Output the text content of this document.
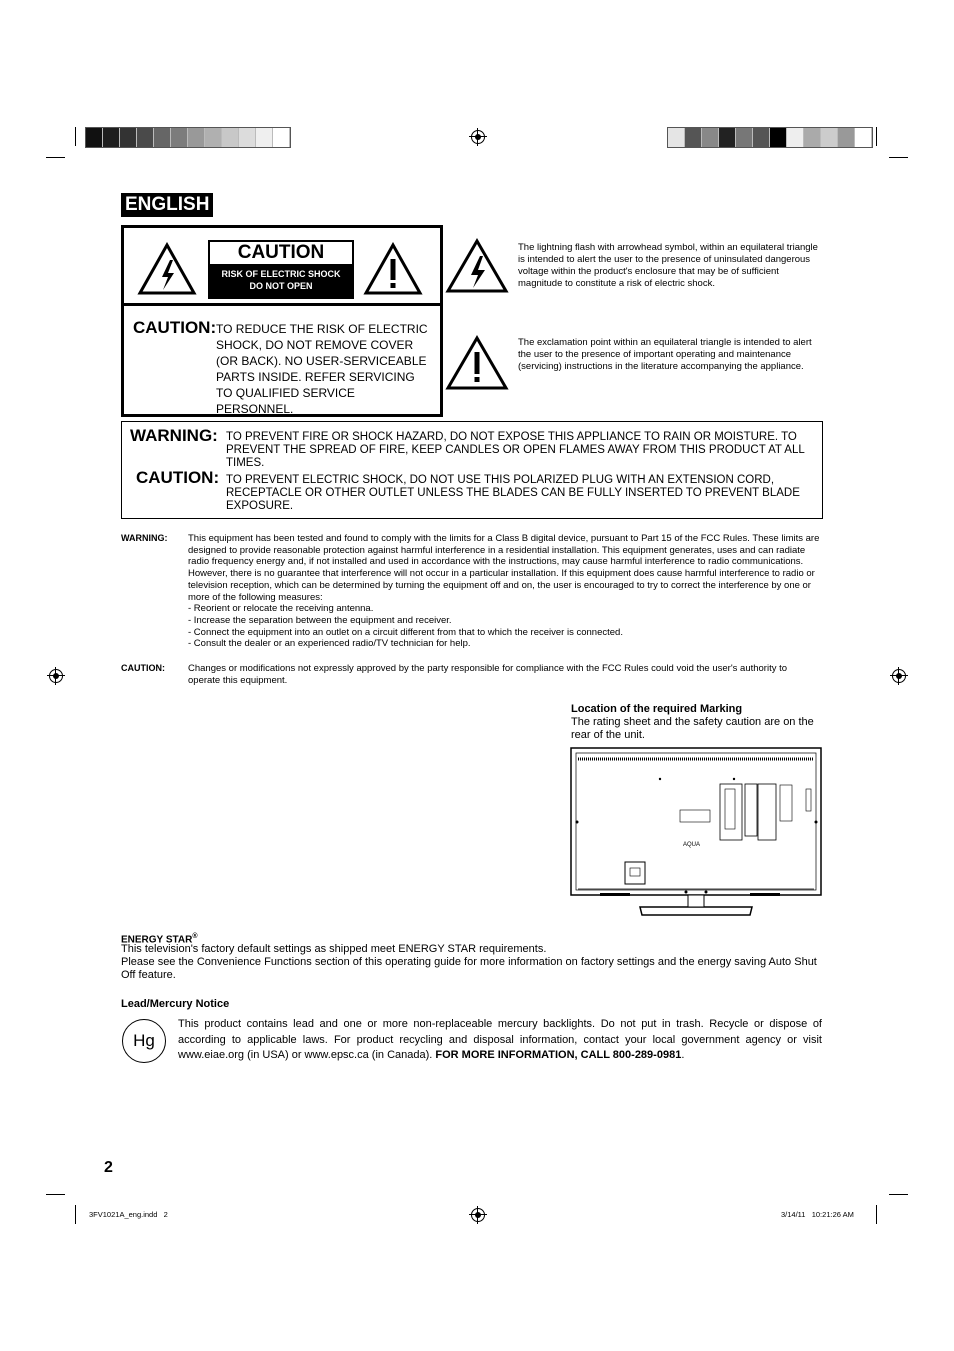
ENGLISH
CAUTION
RISK OF ELECTRIC SHOCK
DO NOT OPEN
CAUTION: TO REDUCE THE RISK OF ELECTRIC SHOCK, DO NOT REMOVE COVER (OR BACK). NO USER-SERVICEABLE PARTS INSIDE. REFER SERVICING TO QUALIFIED SERVICE PERSONNEL.
The lightning flash with arrowhead symbol, within an equilateral triangle is intended to alert the user to the presence of uninsulated dangerous voltage within the product's enclosure that may be of sufficient magnitude to constitute a risk of electric shock.
The exclamation point within an equilateral triangle is intended to alert the user to the presence of important operating and maintenance (servicing) instructions in the literature accompanying the appliance.
WARNING: TO PREVENT FIRE OR SHOCK HAZARD, DO NOT EXPOSE THIS APPLIANCE TO RAIN OR MOISTURE. TO PREVENT THE SPREAD OF FIRE, KEEP CANDLES OR OPEN FLAMES AWAY FROM THIS PRODUCT AT ALL TIMES.
CAUTION: TO PREVENT ELECTRIC SHOCK, DO NOT USE THIS POLARIZED PLUG WITH AN EXTENSION CORD, RECEPTACLE OR OTHER OUTLET UNLESS THE BLADES CAN BE FULLY INSERTED TO PREVENT BLADE EXPOSURE.
WARNING: This equipment has been tested and found to comply with the limits for a Class B digital device, pursuant to Part 15 of the FCC Rules. These limits are designed to provide reasonable protection against harmful interference in a residential installation. This equipment generates, uses and can radiate radio frequency energy and, if not installed and used in accordance with the instructions, may cause harmful interference to radio communications.
However, there is no guarantee that interference will not occur in a particular installation. If this equipment does cause harmful interference to radio or television reception, which can be determined by turning the equipment off and on, the user is encouraged to try to correct the interference by one or more of the following measures:
- Reorient or relocate the receiving antenna.
- Increase the separation between the equipment and receiver.
- Connect the equipment into an outlet on a circuit different from that to which the receiver is connected.
- Consult the dealer or an experienced radio/TV technician for help.
CAUTION: Changes or modifications not expressly approved by the party responsible for compliance with the FCC Rules could void the user's authority to operate this equipment.
Location of the required Marking
The rating sheet and the safety caution are on the rear of the unit.
AQUA
ENERGY STAR®
This television's factory default settings as shipped meet ENERGY STAR requirements.
Please see the Convenience Functions section of this operating guide for more information on factory settings and the energy saving Auto Shut Off feature.
Lead/Mercury Notice
Hg
This product contains lead and one or more non-replaceable mercury backlights. Do not put in trash. Recycle or dispose of according to applicable laws. For product recycling and disposal information, contact your local government agency or visit www.eiae.org (in USA) or www.epsc.ca (in Canada). FOR MORE INFORMATION, CALL 800-289-0981.
2
3FV1021A_eng.indd   2	3/14/11   10:21:26 AM
